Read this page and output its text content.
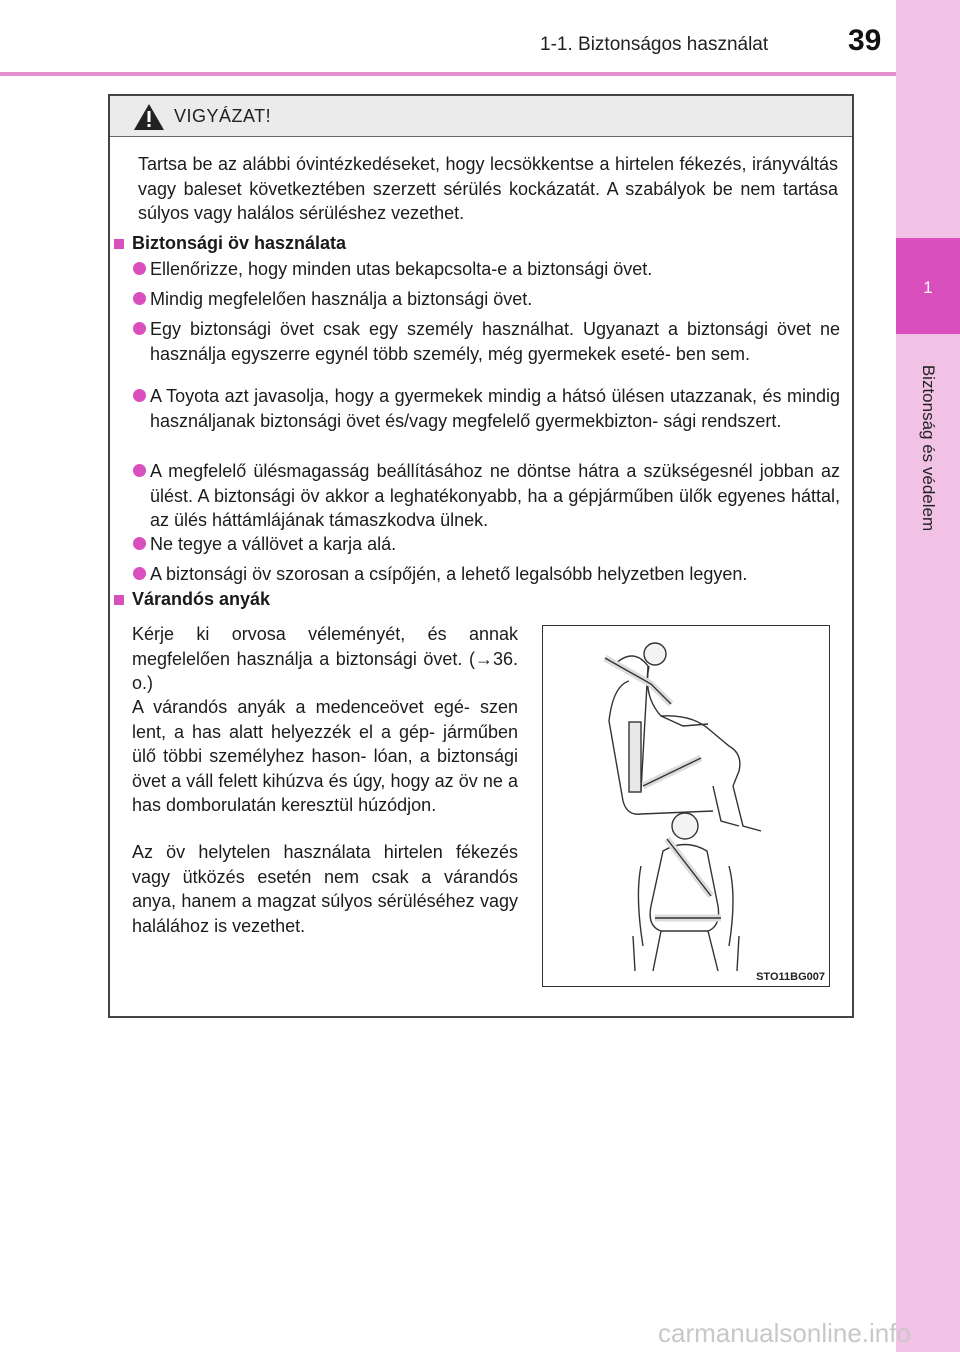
1-1. Biztonságos használat	39
1
Biztonság és védelem
VIGYÁZAT!
Tartsa be az alábbi óvintézkedéseket, hogy lecsökkentse a hirtelen fékezés, irányváltás vagy baleset következtében szerzett sérülés kockázatát. A szabályok be nem tartása súlyos vagy halálos sérüléshez vezethet.
Biztonsági öv használata
Ellenőrizze, hogy minden utas bekapcsolta-e a biztonsági övet.
Mindig megfelelően használja a biztonsági övet.
Egy biztonsági övet csak egy személy használhat. Ugyanazt a biztonsági övet ne használja egyszerre egynél több személy, még gyermekek eseté- ben sem.
A Toyota azt javasolja, hogy a gyermekek mindig a hátsó ülésen utazzanak, és mindig használjanak biztonsági övet és/vagy megfelelő gyermekbizton- sági rendszert.
A megfelelő ülésmagasság beállításához ne döntse hátra a szükségesnél jobban az ülést. A biztonsági öv akkor a leghatékonyabb, ha a gépjárműben ülők egyenes háttal, az ülés háttámlájának támaszkodva ülnek.
Ne tegye a vállövet a karja alá.
A biztonsági öv szorosan a csípőjén, a lehető legalsóbb helyzetben legyen.
Várandós anyák
Kérje ki orvosa véleményét, és annak megfelelően használja a biztonsági övet. (→36. o.)
A várandós anyák a medenceövet egé- szen lent, a has alatt helyezzék el a gép- járműben ülő többi személyhez hason- lóan, a biztonsági övet a váll felett kihúzva és úgy, hogy az öv ne a has domborulatán keresztül húzódjon.
Az öv helytelen használata hirtelen fékezés vagy ütközés esetén nem csak a várandós anya, hanem a magzat súlyos sérüléséhez vagy halálához is vezethet.
STO11BG007
carmanualsonline.info
